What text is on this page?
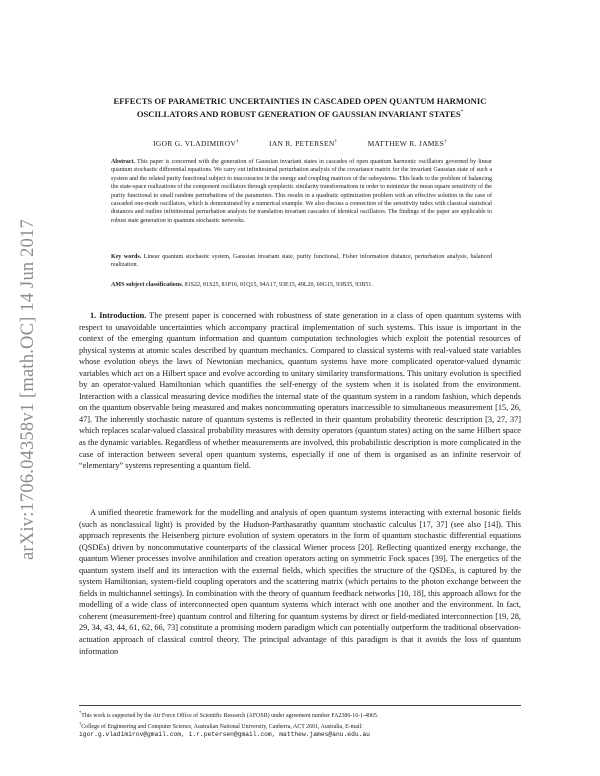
arXiv:1706.04358v1 [math.OC] 14 Jun 2017
EFFECTS OF PARAMETRIC UNCERTAINTIES IN CASCADED OPEN QUANTUM HARMONIC OSCILLATORS AND ROBUST GENERATION OF GAUSSIAN INVARIANT STATES*
IGOR G. VLADIMIROV†	IAN R. PETERSEN†	MATTHEW R. JAMES†
Abstract. This paper is concerned with the generation of Gaussian invariant states in cascades of open quantum harmonic oscillators governed by linear quantum stochastic differential equations. We carry out infinitesimal perturbation analysis of the covariance matrix for the invariant Gaussian state of such a system and the related purity functional subject to inaccuracies in the energy and coupling matrices of the subsystems. This leads to the problem of balancing the state-space realizations of the component oscillators through symplectic similarity transformations in order to minimize the mean square sensitivity of the purity functional to small random perturbations of the parameters. This results in a quadratic optimization problem with an effective solution in the case of cascaded one-mode oscillators, which is demonstrated by a numerical example. We also discuss a connection of the sensitivity index with classical statistical distances and outline infinitesimal perturbation analysis for translation invariant cascades of identical oscillators. The findings of the paper are applicable to robust state generation in quantum stochastic networks.
Key words. Linear quantum stochastic system, Gaussian invariant state, purity functional, Fisher information distance, perturbation analysis, balanced realization.
AMS subject classifications. 81S22, 81S25, 81P16, 81Q15, 94A17, 93E15, 49L20, 60G15, 93B35, 93B51.
1. Introduction. The present paper is concerned with robustness of state generation in a class of open quantum systems with respect to unavoidable uncertainties which accompany practical implementation of such systems. This issue is important in the context of the emerging quantum information and quantum computation technologies which exploit the potential resources of physical systems at atomic scales described by quantum mechanics. Compared to classical systems with real-valued state variables whose evolution obeys the laws of Newtonian mechanics, quantum systems have more complicated operator-valued dynamic variables which act on a Hilbert space and evolve according to unitary similarity transformations. This unitary evolution is specified by an operator-valued Hamiltonian which quantifies the self-energy of the system when it is isolated from the environment. Interaction with a classical measuring device modifies the internal state of the quantum system in a random fashion, which depends on the quantum observable being measured and makes noncommuting operators inaccessible to simultaneous measurement [15, 26, 47]. The inherently stochastic nature of quantum systems is reflected in their quantum probability theoretic description [3, 27, 37] which replaces scalar-valued classical probability measures with density operators (quantum states) acting on the same Hilbert space as the dynamic variables. Regardless of whether measurements are involved, this probabilistic description is more complicated in the case of interaction between several open quantum systems, especially if one of them is organised as an infinite reservoir of “elementary” systems representing a quantum field.
A unified theoretic framework for the modelling and analysis of open quantum systems interacting with external bosonic fields (such as nonclassical light) is provided by the Hudson-Parthasarathy quantum stochastic calculus [17, 37] (see also [14]). This approach represents the Heisenberg picture evolution of system operators in the form of quantum stochastic differential equations (QSDEs) driven by noncommutative counterparts of the classical Wiener process [20]. Reflecting quantized energy exchange, the quantum Wiener processes involve annihilation and creation operators acting on symmetric Fock spaces [39]. The energetics of the quantum system itself and its interaction with the external fields, which specifies the structure of the QSDEs, is captured by the system Hamiltonian, system-field coupling operators and the scattering matrix (which pertains to the photon exchange between the fields in multichannel settings). In combination with the theory of quantum feedback networks [10, 18], this approach allows for the modelling of a wide class of interconnected open quantum systems which interact with one another and the environment. In fact, coherent (measurement-free) quantum control and filtering for quantum systems by direct or field-mediated interconnection [19, 28, 29, 34, 43, 44, 61, 62, 66, 73] constitute a promising modern paradigm which can potentially outperform the traditional observation-actuation approach of classical control theory. The principal advantage of this paradigm is that it avoids the loss of quantum information

*This work is supported by the Air Force Office of Scientific Research (AFOSR) under agreement number FA2386-16-1-4065.

†College of Engineering and Computer Science, Australian National University, Canberra, ACT 2601, Australia, E-mail:

igor.g.vladimirov@gmail.com, i.r.petersen@gmail.com, matthew.james@anu.edu.au
